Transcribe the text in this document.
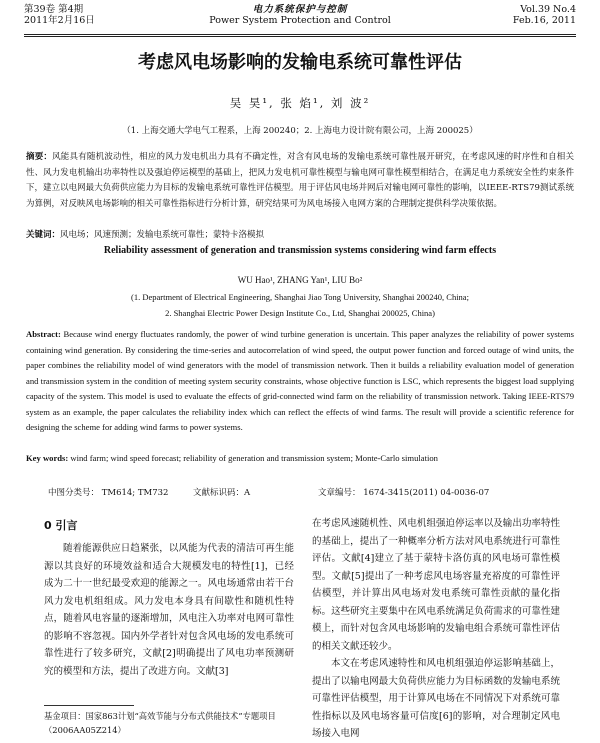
第39卷 第4期
2011年2月16日
电力系统保护与控制
Power System Protection and Control
Vol.39 No.4
Feb.16, 2011
考虑风电场影响的发输电系统可靠性评估
吴 昊¹, 张 焰¹, 刘 波²
（1. 上海交通大学电气工程系，上海 200240；2. 上海电力设计院有限公司，上海 200025）
摘要：风能具有随机波动性，相应的风力发电机出力具有不确定性，对含有风电场的发输电系统可靠性展开研究，在考虑风速的时序性和自相关性、风力发电机输出功率特性以及强迫停运模型的基础上，把风力发电机可靠性模型与输电网可靠性模型相结合，在满足电力系统安全性约束条件下，建立以电网最大负荷供应能力为目标的发输电系统可靠性评估模型。用于评估风电场并网后对输电网可靠性的影响，以IEEE-RTS79测试系统为算例，对反映风电场影响的相关可靠性指标进行分析计算，研究结果可为风电场接入电网方案的合理制定提供科学决策依据。
关键词：风电场；风速预测；发输电系统可靠性；蒙特卡洛模拟
Reliability assessment of generation and transmission systems considering wind farm effects
WU Hao¹, ZHANG Yan¹, LIU Bo²
(1. Department of Electrical Engineering, Shanghai Jiao Tong University, Shanghai 200240, China;
2. Shanghai Electric Power Design Institute Co., Ltd, Shanghai 200025, China)
Abstract: Because wind energy fluctuates randomly, the power of wind turbine generation is uncertain. This paper analyzes the reliability of power systems containing wind generation. By considering the time-series and autocorrelation of wind speed, the output power function and forced outage of wind units, the paper combines the reliability model of wind generators with the model of transmission network. Then it builds a reliability evaluation model of generation and transmission system in the condition of meeting system security constraints, whose objective function is LSC, which represents the biggest load supplying capacity of the system. This model is used to evaluate the effects of grid-connected wind farm on the reliability of transmission network. Taking IEEE-RTS79 system as an example, the paper calculates the reliability index which can reflect the effects of wind farms. The result will provide a scientific reference for designing the scheme for adding wind farms to power systems.
Key words: wind farm; wind speed forecast; reliability of generation and transmission system; Monte-Carlo simulation
中图分类号： TM614; TM732	文献标识码：A	文章编号： 1674-3415(2011) 04-0036-07
0 引言

随着能源供应日趋紧张，以风能为代表的清洁可再生能源以其良好的环境效益和适合大规模发电的特性[1]，已经成为二十一世纪最受欢迎的能源之一。风电场通常由若干台风力发电机组组成。风力发电本身具有间歇性和随机性特点，随着风电容量的逐渐增加，风电注入功率对电网可靠性的影响不容忽视。国内外学者针对包含风电场的发电系统可靠性进行了较多研究，文献[2]明确提出了风电功率预测研究的模型和方法，提出了改进方向。文献[3]

在考虑风速随机性、风电机组强迫停运率以及输出功率特性的基础上，提出了一种概率分析方法对风电系统进行可靠性评估。文献[4]建立了基于蒙特卡洛仿真的风电场可靠性模型。文献[5]提出了一种考虑风电场容量充裕度的可靠性评估模型，并计算出风电场对发电系统可靠性贡献的量化指标。这些研究主要集中在风电系统满足负荷需求的可靠性建模上，而针对包含风电场影响的发输电组合系统可靠性评估的相关文献还较少。

本文在考虑风速特性和风电机组强迫停运影响基础上，提出了以输电网最大负荷供应能力为目标函数的发输电系统可靠性评估模型，用于计算风电场在不同情况下对系统可靠性指标以及风电场容量可信度[6]的影响，对合理制定风电场接入电网

基金项目：国家863计划“高效节能与分布式供能技术”专题项目（2006AA05Z214）
